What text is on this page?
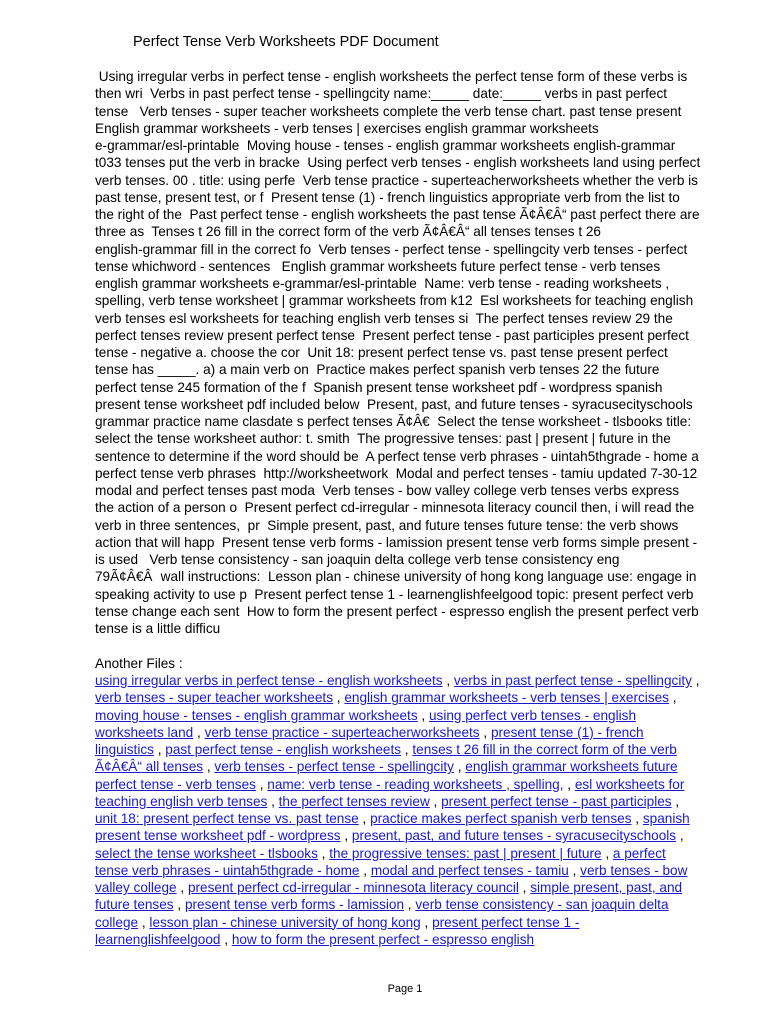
Perfect Tense Verb Worksheets PDF Document
Using irregular verbs in perfect tense - english worksheets the perfect tense form of these verbs is
then wri  Verbs in past perfect tense - spellingcity name:_____ date:_____ verbs in past perfect
tense   Verb tenses - super teacher worksheets complete the verb tense chart. past tense present
English grammar worksheets - verb tenses | exercises english grammar worksheets
e-grammar/esl-printable  Moving house - tenses - english grammar worksheets english-grammar
t033 tenses put the verb in bracke  Using perfect verb tenses - english worksheets land using perfect
verb tenses. 00 . title: using perfe  Verb tense practice - superteacherworksheets whether the verb is
past tense, present test, or f  Present tense (1) - french linguistics appropriate verb from the list to
the right of the  Past perfect tense - english worksheets the past tense Ã¢Â€Â“ past perfect there are
three as  Tenses t 26 fill in the correct form of the verb Ã¢Â€Â“ all tenses tenses t 26
english-grammar fill in the correct fo  Verb tenses - perfect tense - spellingcity verb tenses - perfect
tense whichword - sentences   English grammar worksheets future perfect tense - verb tenses
english grammar worksheets e-grammar/esl-printable  Name: verb tense - reading worksheets ,
spelling, verb tense worksheet | grammar worksheets from k12  Esl worksheets for teaching english
verb tenses esl worksheets for teaching english verb tenses si  The perfect tenses review 29 the
perfect tenses review present perfect tense  Present perfect tense - past participles present perfect
tense - negative a. choose the cor  Unit 18: present perfect tense vs. past tense present perfect
tense has _____. a) a main verb on  Practice makes perfect spanish verb tenses 22 the future
perfect tense 245 formation of the f  Spanish present tense worksheet pdf - wordpress spanish
present tense worksheet pdf included below  Present, past, and future tenses - syracusecityschools
grammar practice name clasdate s perfect tenses Ã¢Â€  Select the tense worksheet - tlsbooks title:
select the tense worksheet author: t. smith  The progressive tenses: past | present | future in the
sentence to determine if the word should be  A perfect tense verb phrases - uintah5thgrade - home a
perfect tense verb phrases  http://worksheetwork  Modal and perfect tenses - tamiu updated 7-30-12
modal and perfect tenses past moda  Verb tenses - bow valley college verb tenses verbs express
the action of a person o  Present perfect cd-irregular - minnesota literacy council then, i will read the
verb in three sentences,  pr  Simple present, past, and future tenses future tense: the verb shows
action that will happ  Present tense verb forms - lamission present tense verb forms simple present -
is used   Verb tense consistency - san joaquin delta college verb tense consistency eng
79Ã¢Â€Âwall instructions:  Lesson plan - chinese university of hong kong language use: engage in
speaking activity to use p  Present perfect tense 1 - learnenglishfeelgood topic: present perfect verb
tense change each sent  How to form the present perfect - espresso english the present perfect verb
tense is a little difficu
Another Files :
using irregular verbs in perfect tense - english worksheets , verbs in past perfect tense - spellingcity ,
verb tenses - super teacher worksheets , english grammar worksheets - verb tenses | exercises ,
moving house - tenses - english grammar worksheets , using perfect verb tenses - english
worksheets land , verb tense practice - superteacherworksheets , present tense (1) - french
linguistics , past perfect tense - english worksheets , tenses t 26 fill in the correct form of the verb
Ã¢Â€Â“ all tenses , verb tenses - perfect tense - spellingcity , english grammar worksheets future
perfect tense - verb tenses , name: verb tense - reading worksheets , spelling, , esl worksheets for
teaching english verb tenses , the perfect tenses review , present perfect tense - past participles ,
unit 18: present perfect tense vs. past tense , practice makes perfect spanish verb tenses , spanish
present tense worksheet pdf - wordpress , present, past, and future tenses - syracusecityschools ,
select the tense worksheet - tlsbooks , the progressive tenses: past | present | future , a perfect
tense verb phrases - uintah5thgrade - home , modal and perfect tenses - tamiu , verb tenses - bow
valley college , present perfect cd-irregular - minnesota literacy council , simple present, past, and
future tenses , present tense verb forms - lamission , verb tense consistency - san joaquin delta
college , lesson plan - chinese university of hong kong , present perfect tense 1 -
learnenglishfeelgood , how to form the present perfect - espresso english
Page 1
